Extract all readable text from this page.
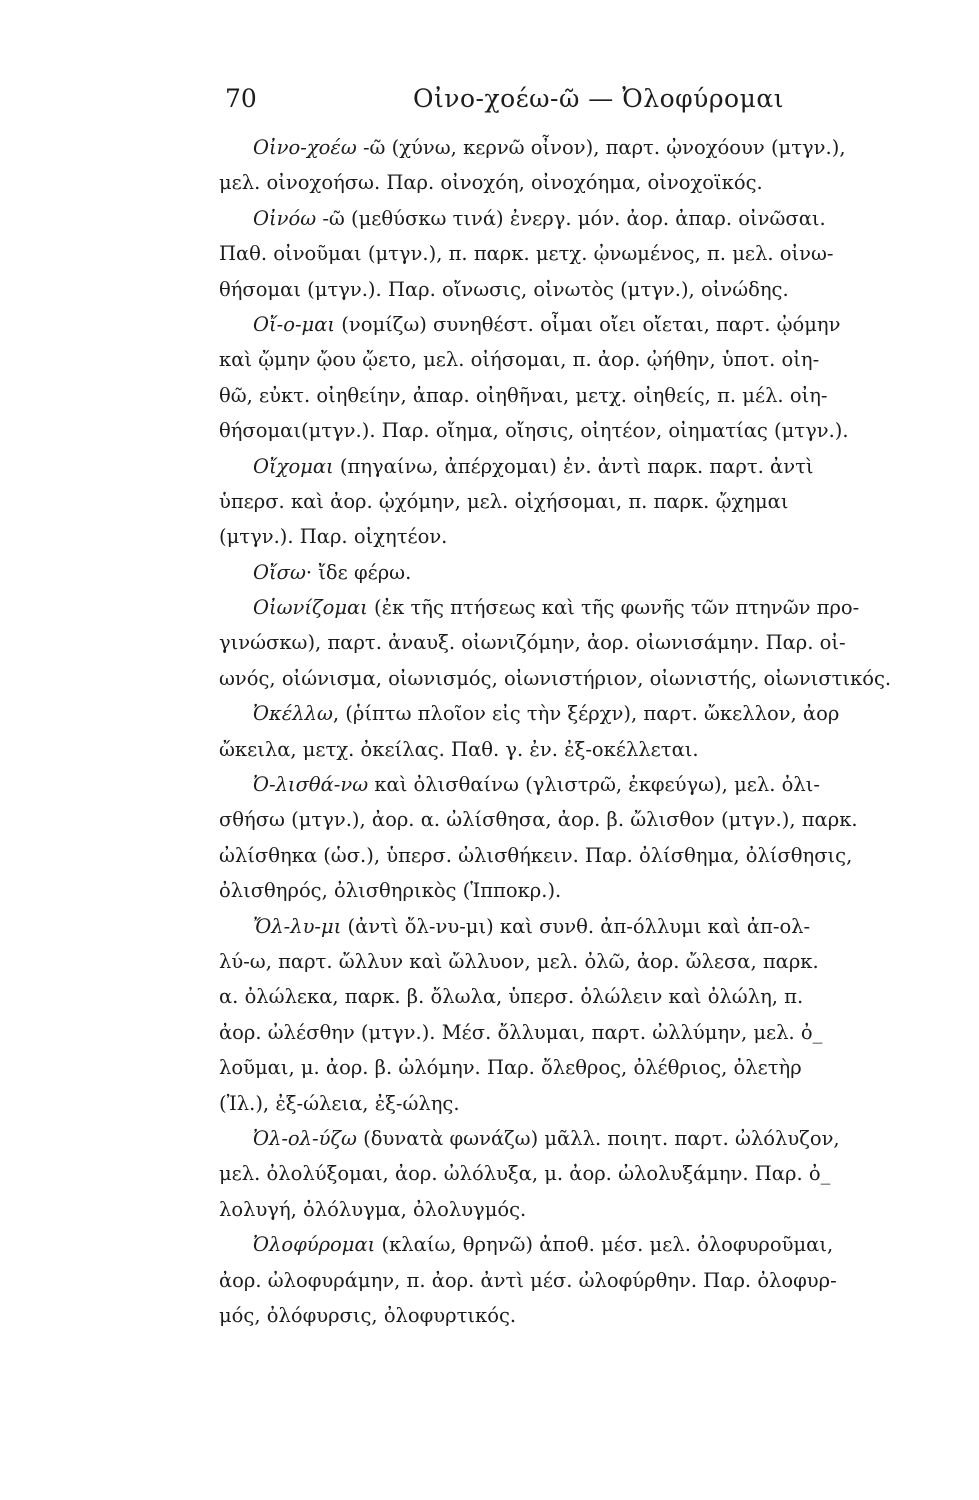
70	Οἰνο-χοέω-ῶ — Ὀλοφύρομαι
Οἰνο-χοέω -ῶ (χύνω, κερνῶ οἶνον), παρτ. ᾠνοχόουν (μτγν.),
μελ. οἰνοχοήσω. Παρ. οἰνοχόη, οἰνοχόημα, οἰνοχοϊκός.
Οἰνόω -ῶ (μεθύσκω τινά) ἐνεργ. μόν. ἀορ. ἀπαρ. οἰνῶσαι.
Παθ. οἰνοῦμαι (μτγν.), π. παρκ. μετχ. ᾠνωμένος, π. μελ. οἰνω-
θήσομαι (μτγν.). Παρ. οἴνωσις, οἰνωτὸς (μτγν.), οἰνώδης.
Οἴ-ο-μαι (νομίζω) συνηθέστ. οἶμαι οἴει οἴεται, παρτ. ᾠόμην
καὶ ᾤμην ᾤου ᾤετο, μελ. οἰήσομαι, π. ἀορ. ᾠήθην, ὑποτ. οἰη-
θῶ, εὐκτ. οἰηθείην, ἀπαρ. οἰηθῆναι, μετχ. οἰηθείς, π. μέλ. οἰη-
θήσομαι(μτγν.). Παρ. οἴημα, οἴησις, οἰητέον, οἰηματίας (μτγν.).
Οἴχομαι (πηγαίνω, ἀπέρχομαι) ἐν. ἀντὶ παρκ. παρτ. ἀντὶ
ὑπερσ. καὶ ἀορ. ᾠχόμην, μελ. οἰχήσομαι, π. παρκ. ᾤχημαι
(μτγν.). Παρ. οἰχητέον.
Οἴσω· ἴδε φέρω.
Οἰωνίζομαι (ἐκ τῆς πτήσεως καὶ τῆς φωνῆς τῶν πτηνῶν προ-
γινώσκω), παρτ. ἀναυξ. οἰωνιζόμην, ἀορ. οἰωνισάμην. Παρ. οἰ-
ωνός, οἰώνισμα, οἰωνισμός, οἰωνιστήριον, οἰωνιστής, οἰωνιστικός.
Ὀκέλλω, (ῥίπτω πλοῖον εἰς τὴν ξέρχν), παρτ. ὤκελλον, ἀορ
ὤκειλα, μετχ. ὀκείλας. Παθ. γ. ἐν. ἐξ-οκέλλεται.
Ὀ-λισθά-νω καὶ ὀλισθαίνω (γλιστρῶ, ἐκφεύγω), μελ. ὀλι-
σθήσω (μτγν.), ἀορ. α. ὠλίσθησα, ἀορ. β. ὤλισθον (μτγν.), παρκ.
ὠλίσθηκα (ὡσ.), ὑπερσ. ὠλισθήκειν. Παρ. ὀλίσθημα, ὀλίσθησις,
ὀλισθηρός, ὀλισθηρικὸς (Ἱπποκρ.).
Ὄλ-λυ-μι (ἀντὶ ὄλ-νυ-μι) καὶ συνθ. ἀπ-όλλυμι καὶ ἀπ-ολ-
λύ-ω, παρτ. ὤλλυν καὶ ὤλλυον, μελ. ὀλῶ, ἀορ. ὤλεσα, παρκ.
α. ὀλώλεκα, παρκ. β. ὄλωλα, ὑπερσ. ὀλώλειν καὶ ὀλώλη, π.
ἀορ. ὠλέσθην (μτγν.). Μέσ. ὄλλυμαι, παρτ. ὠλλύμην, μελ. ὀ_
λοῦμαι, μ. ἀορ. β. ὠλόμην. Παρ. ὄλεθρος, ὀλέθριος, ὀλετὴρ
(Ἰλ.), ἐξ-ώλεια, ἐξ-ώλης.
Ὀλ-ολ-ύζω (δυνατὰ φωνάζω) μᾶλλ. ποιητ. παρτ. ὠλόλυζον,
μελ. ὀλολύξομαι, ἀορ. ὠλόλυξα, μ. ἀορ. ὠλολυξάμην. Παρ. ὀ_
λολυγή, ὀλόλυγμα, ὀλολυγμός.
Ὀλοφύρομαι (κλαίω, θρηνῶ) ἀποθ. μέσ. μελ. ὀλοφυροῦμαι,
ἀορ. ὠλοφυράμην, π. ἀορ. ἀντὶ μέσ. ὠλοφύρθην. Παρ. ὀλοφυρ-
μός, ὀλόφυρσις, ὀλοφυρτικός.
